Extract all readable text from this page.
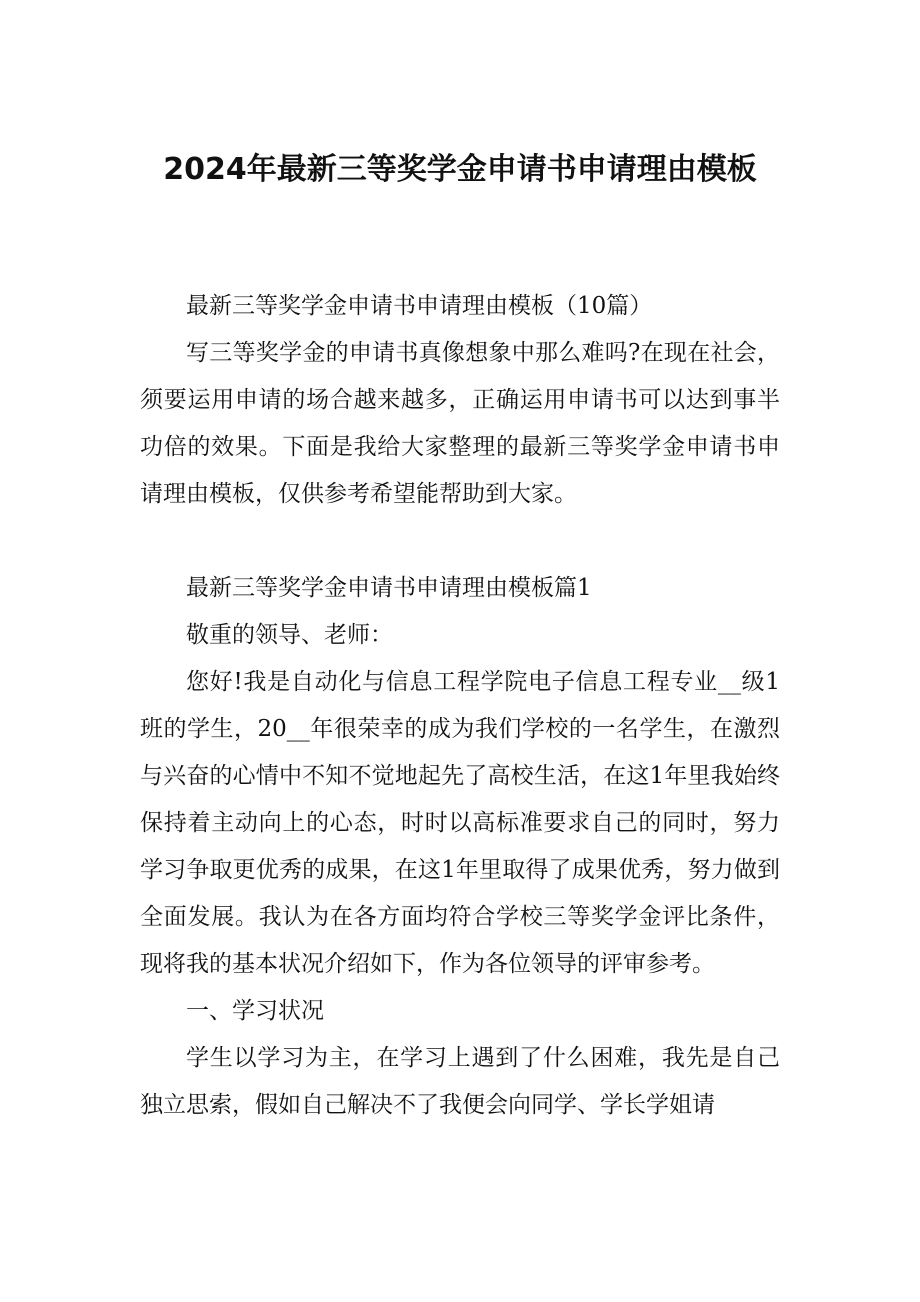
2024年最新三等奖学金申请书申请理由模板

最新三等奖学金申请书申请理由模板（10篇）

写三等奖学金的申请书真像想象中那么难吗?在现在社会，须要运用申请的场合越来越多，正确运用申请书可以达到事半功倍的效果。下面是我给大家整理的最新三等奖学金申请书申请理由模板，仅供参考希望能帮助到大家。

最新三等奖学金申请书申请理由模板篇1

敬重的领导、老师：

您好!我是自动化与信息工程学院电子信息工程专业__级1班的学生，20__年很荣幸的成为我们学校的一名学生，在激烈与兴奋的心情中不知不觉地起先了高校生活，在这1年里我始终保持着主动向上的心态，时时以高标准要求自己的同时，努力学习争取更优秀的成果，在这1年里取得了成果优秀，努力做到全面发展。我认为在各方面均符合学校三等奖学金评比条件，现将我的基本状况介绍如下，作为各位领导的评审参考。

一、学习状况

学生以学习为主，在学习上遇到了什么困难，我先是自己独立思索，假如自己解决不了我便会向同学、学长学姐请
